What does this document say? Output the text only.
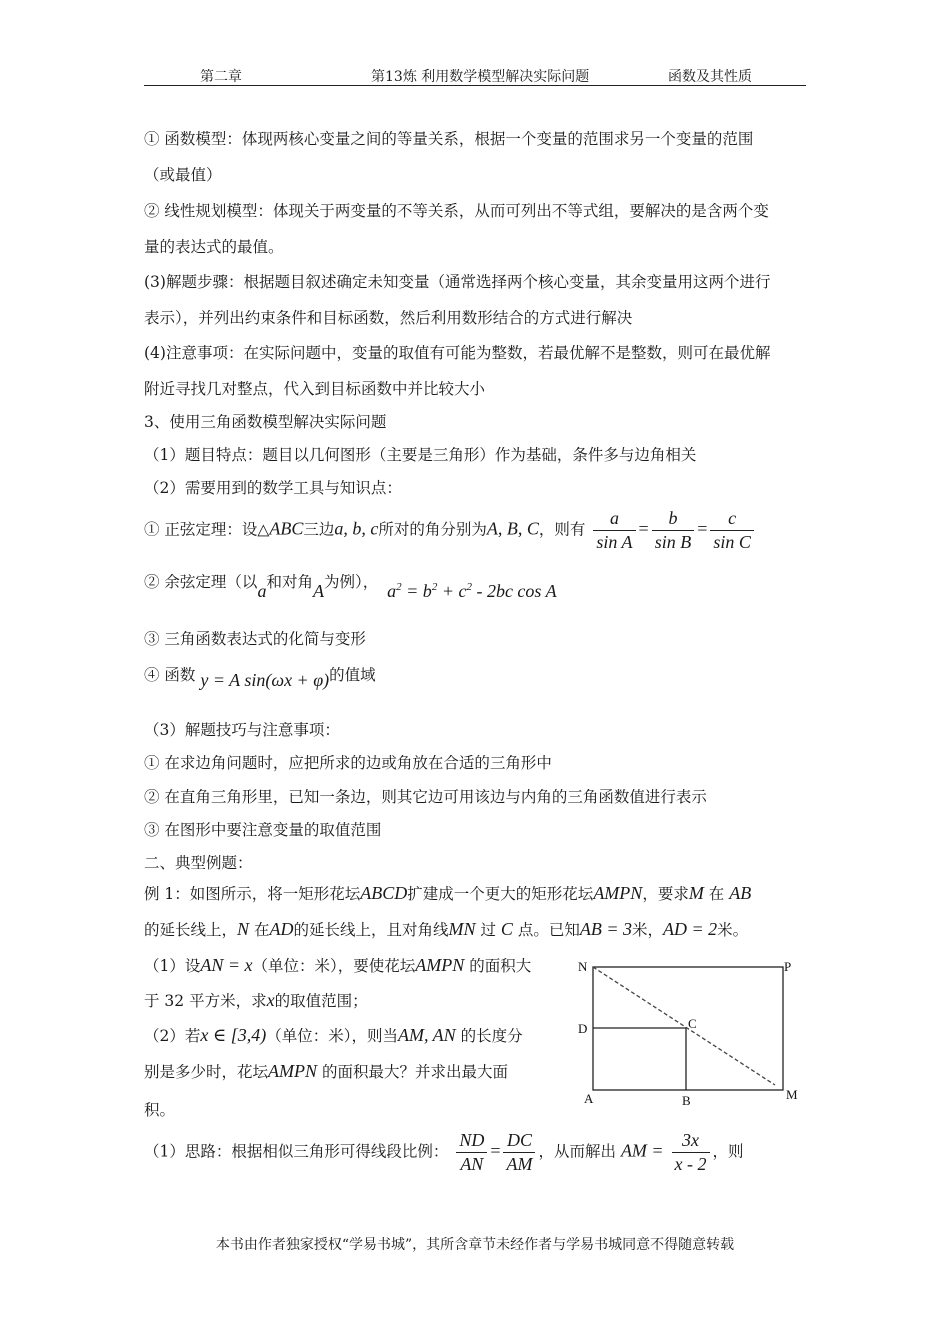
第二章	第13炼 利用数学模型解决实际问题	函数及其性质
① 函数模型：体现两核心变量之间的等量关系，根据一个变量的范围求另一个变量的范围
（或最值）
② 线性规划模型：体现关于两变量的不等关系，从而可列出不等式组，要解决的是含两个变
量的表达式的最值。
(3)解题步骤：根据题目叙述确定未知变量（通常选择两个核心变量，其余变量用这两个进行
表示），并列出约束条件和目标函数，然后利用数形结合的方式进行解决
(4)注意事项：在实际问题中，变量的取值有可能为整数，若最优解不是整数，则可在最优解
附近寻找几对整点，代入到目标函数中并比较大小
3、使用三角函数模型解决实际问题
（1）题目特点：题目以几何图形（主要是三角形）作为基础，条件多与边角相关
（2）需要用到的数学工具与知识点：
① 正弦定理：设△ABC三边a, b, c所对的角分别为A, B, C，则有 $\frac{a}{\text{sin A}} = \frac{b}{\text{sin B}} = \frac{c}{\text{sin C}}$
② 余弦定理（以a和对角A为例）， $a^2 = b^2 + c^2 - 2bc$ cos A
③ 三角函数表达式的化简与变形
④ 函数 y = A sin(ωx + φ)的值域
（3）解题技巧与注意事项：
① 在求边角问题时，应把所求的边或角放在合适的三角形中
② 在直角三角形里，已知一条边，则其它边可用该边与内角的三角函数值进行表示
③ 在图形中要注意变量的取值范围
二、典型例题：
例 1：如图所示，将一矩形花坛ABCD扩建成一个更大的矩形花坛AMPN，要求M 在 AB
的延长线上，N 在AD的延长线上，且对角线MN 过 C 点。已知AB = 3米，AD = 2米。
（1）设AN = x（单位：米），要使花坛AMPN 的面积大
于 32 平方米，求x的取值范围；
（2）若x ∈ [3,4)（单位：米），则当AM, AN 的长度分
别是多少时，花坛AMPN 的面积最大？并求出最大面
积。
N	P
D	C
A	B	M
（1）思路：根据相似三角形可得线段比例： $\frac{ND}{AN} = \frac{DC}{AM}$ ，从而解出 AM = $\frac{3x}{x - 2}$ ，则
本书由作者独家授权“学易书城”，其所含章节未经作者与学易书城同意不得随意转载
